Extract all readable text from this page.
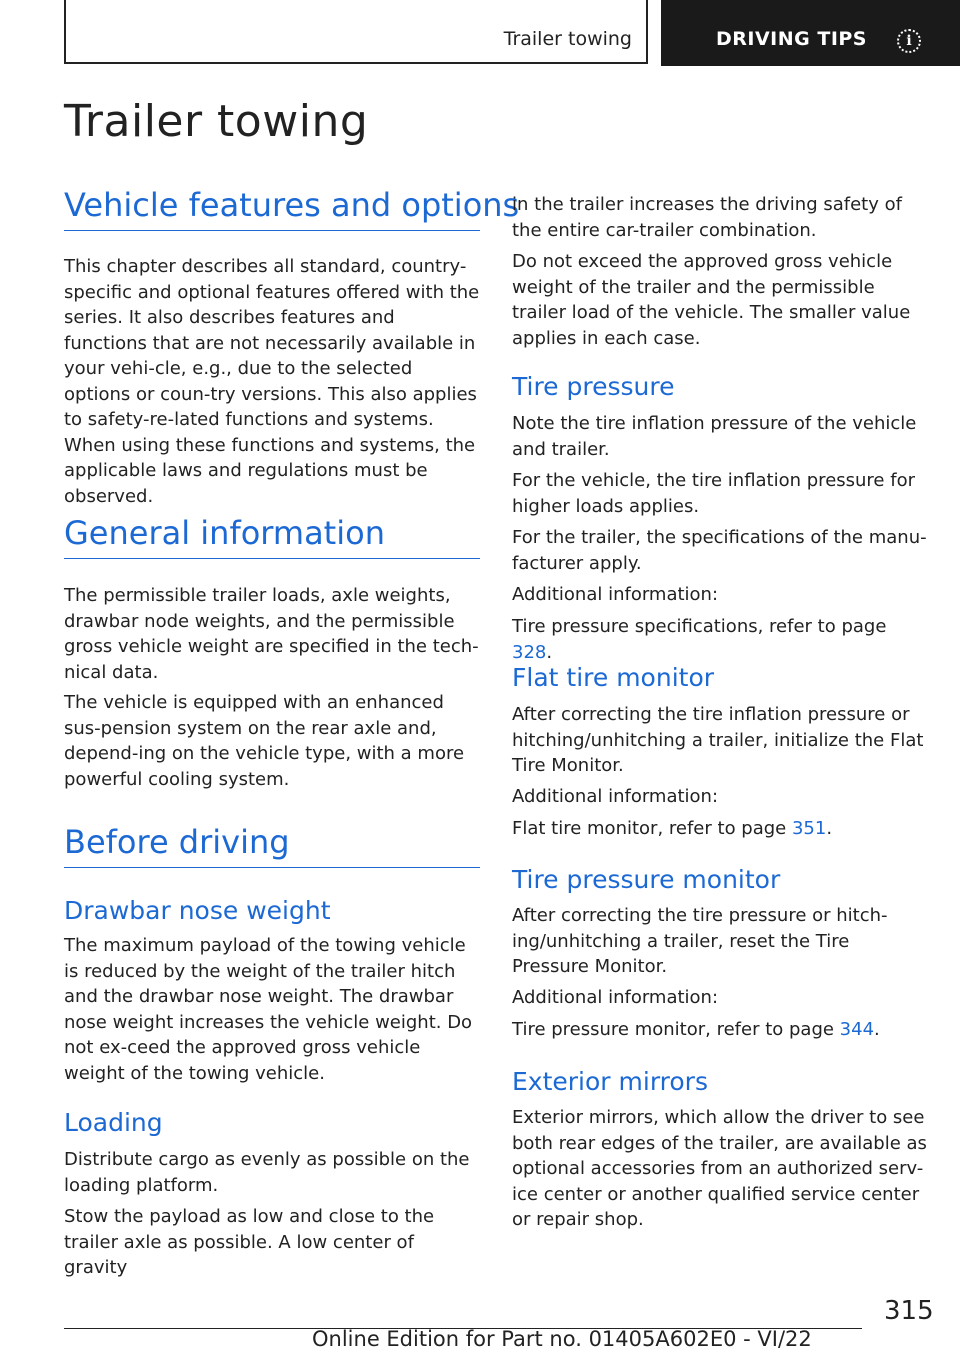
Trailer towing	DRIVING TIPS	i
Trailer towing
Vehicle features and options

This chapter describes all standard, country-specific and optional features offered with the series. It also describes features and functions that are not necessarily available in your vehi-cle, e.g., due to the selected options or coun-try versions. This also applies to safety-re-lated functions and systems. When using these functions and systems, the applicable laws and regulations must be observed.

General information

The permissible trailer loads, axle weights, drawbar node weights, and the permissible gross vehicle weight are specified in the tech-nical data.

The vehicle is equipped with an enhanced sus-pension system on the rear axle and, depend-ing on the vehicle type, with a more powerful cooling system.

Before driving
Drawbar nose weight

The maximum payload of the towing vehicle is reduced by the weight of the trailer hitch and the drawbar nose weight. The drawbar nose weight increases the vehicle weight. Do not ex-ceed the approved gross vehicle weight of the towing vehicle.

Loading

Distribute cargo as evenly as possible on the loading platform.

Stow the payload as low and close to the trailer axle as possible. A low center of gravity

in the trailer increases the driving safety of the entire car-trailer combination.

Do not exceed the approved gross vehicle weight of the trailer and the permissible trailer load of the vehicle. The smaller value applies in each case.

Tire pressure

Note the tire inflation pressure of the vehicle and trailer.

For the vehicle, the tire inflation pressure for higher loads applies.

For the trailer, the specifications of the manu-facturer apply.

Additional information:

Tire pressure specifications, refer to page 328.

Flat tire monitor

After correcting the tire inflation pressure or hitching/unhitching a trailer, initialize the Flat Tire Monitor.

Additional information:

Flat tire monitor, refer to page 351.

Tire pressure monitor

After correcting the tire pressure or hitch-ing/unhitching a trailer, reset the Tire Pressure Monitor.

Additional information:

Tire pressure monitor, refer to page 344.

Exterior mirrors

Exterior mirrors, which allow the driver to see both rear edges of the trailer, are available as optional accessories from an authorized serv-ice center or another qualified service center or repair shop.

315
Online Edition for Part no. 01405A602E0 - VI/22
